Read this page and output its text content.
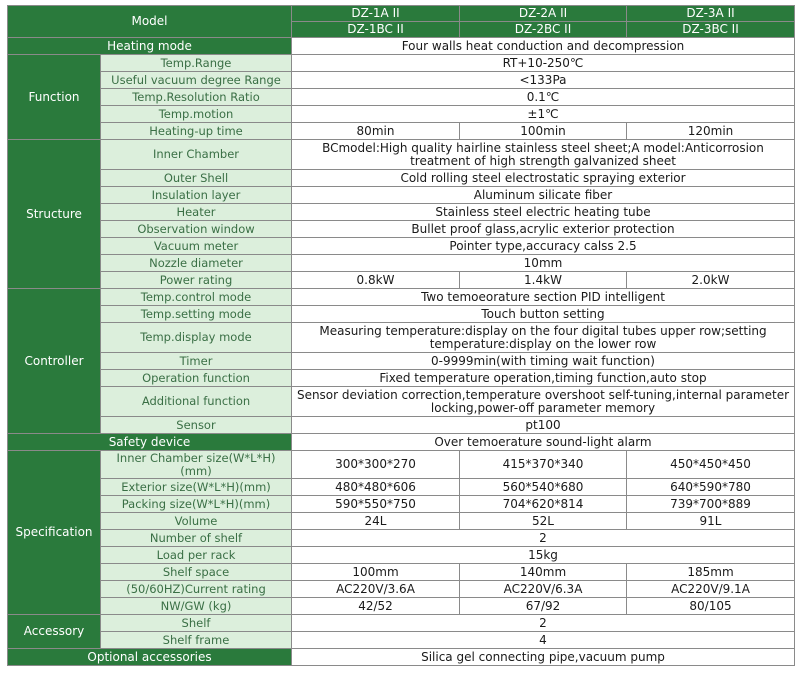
Model		DZ-1A II	DZ-2A II	DZ-3A II
		DZ-1BC II	DZ-2BC II	DZ-3BC II
Heating mode		Four walls heat conduction and decompression		
Function	Temp.Range	RT+10-250℃		
	Useful vacuum degree Range	<133Pa		
	Temp.Resolution Ratio	0.1℃		
	Temp.motion	±1℃		
	Heating-up time	80min	100min	120min
Structure	Inner Chamber	BCmodel:High quality hairline stainless steel sheet;A model:Anticorrosion treatment of high strength galvanized sheet		
	Outer Shell	Cold rolling steel electrostatic spraying exterior		
	Insulation layer	Aluminum silicate fiber		
	Heater	Stainless steel electric heating tube		
	Observation window	Bullet proof glass,acrylic exterior protection		
	Vacuum meter	Pointer type,accuracy calss 2.5		
	Nozzle diameter	10mm		
	Power rating	0.8kW	1.4kW	2.0kW
Controller	Temp.control mode	Two temoeorature section PID intelligent		
	Temp.setting mode	Touch button setting		
	Temp.display mode	Measuring temperature:display on the four digital tubes upper row;setting temperature:display on the lower row		
	Timer	0-9999min(with timing wait function)		
	Operation function	Fixed temperature operation,timing function,auto stop		
	Additional function	Sensor deviation correction,temperature overshoot self-tuning,internal parameter locking,power-off parameter memory		
	Sensor	pt100		
Safety device		Over temoerature sound-light alarm		
Specification	Inner Chamber size(W*L*H)(mm)	300*300*270	415*370*340	450*450*450
	Exterior size(W*L*H)(mm)	480*480*606	560*540*680	640*590*780
	Packing size(W*L*H)(mm)	590*550*750	704*620*814	739*700*889
	Volume	24L	52L	91L
	Number of shelf	2		
	Load per rack	15kg		
	Shelf space	100mm	140mm	185mm
	(50/60HZ)Current rating	AC220V/3.6A	AC220V/6.3A	AC220V/9.1A
	NW/GW (kg)	42/52	67/92	80/105
Accessory	Shelf	2		
	Shelf frame	4		
Optional accessories		Silica gel connecting pipe,vacuum pump		
